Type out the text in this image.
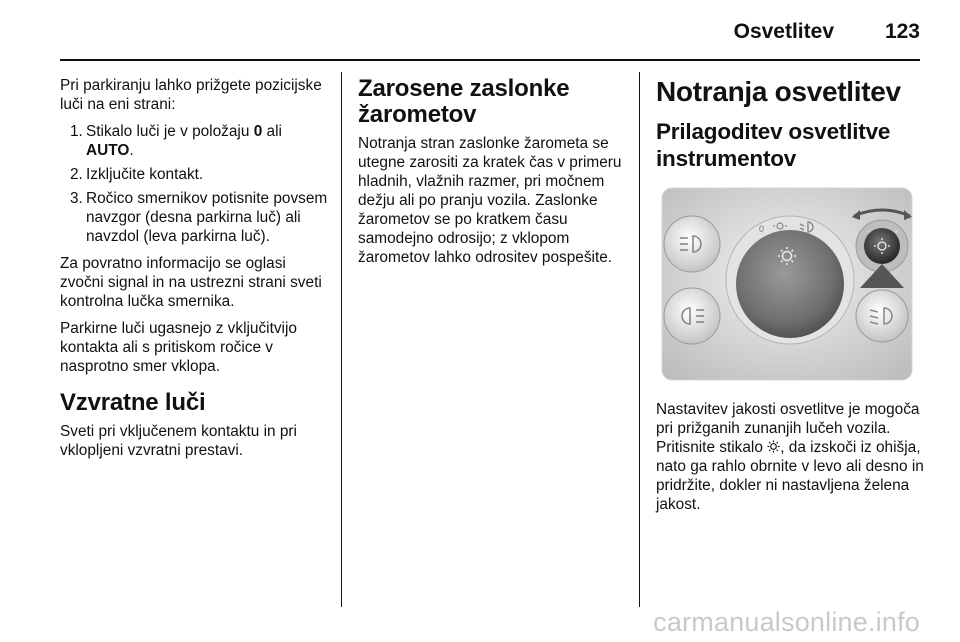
Osvetlitev 123

Pri parkiranju lahko prižgete pozicijske luči na eni strani:

1. Stikalo luči je v položaju 0 ali AUTO.
2. Izključite kontakt.
3. Ročico smernikov potisnite povsem navzgor (desna parkirna luč) ali navzdol (leva parkirna luč).

Za povratno informacijo se oglasi zvočni signal in na ustrezni strani sveti kontrolna lučka smernika.

Parkirne luči ugasnejo z vključitvijo kontakta ali s pritiskom ročice v nasprotno smer vklopa.

Vzvratne luči

Sveti pri vključenem kontaktu in pri vklopljeni vzvratni prestavi.

Zarosene zaslonke žarometov

Notranja stran zaslonke žarometa se utegne zarositi za kratek čas v primeru hladnih, vlažnih razmer, pri močnem dežju ali po pranju vozila. Zaslonke žarometov se po kratkem času samodejno odrosijo; z vklopom žarometov lahko odrositev pospešite.

Notranja osvetlitev
Prilagoditev osvetlitve instrumentov
0	–	+

Nastavitev jakosti osvetlitve je mogoča pri prižganih zunanjih lučeh vozila. Pritisnite stikalo , da izskoči iz ohišja, nato ga rahlo obrnite v levo ali desno in pridržite, dokler ni nastavljena želena jakost.

carmanualsonline.info
